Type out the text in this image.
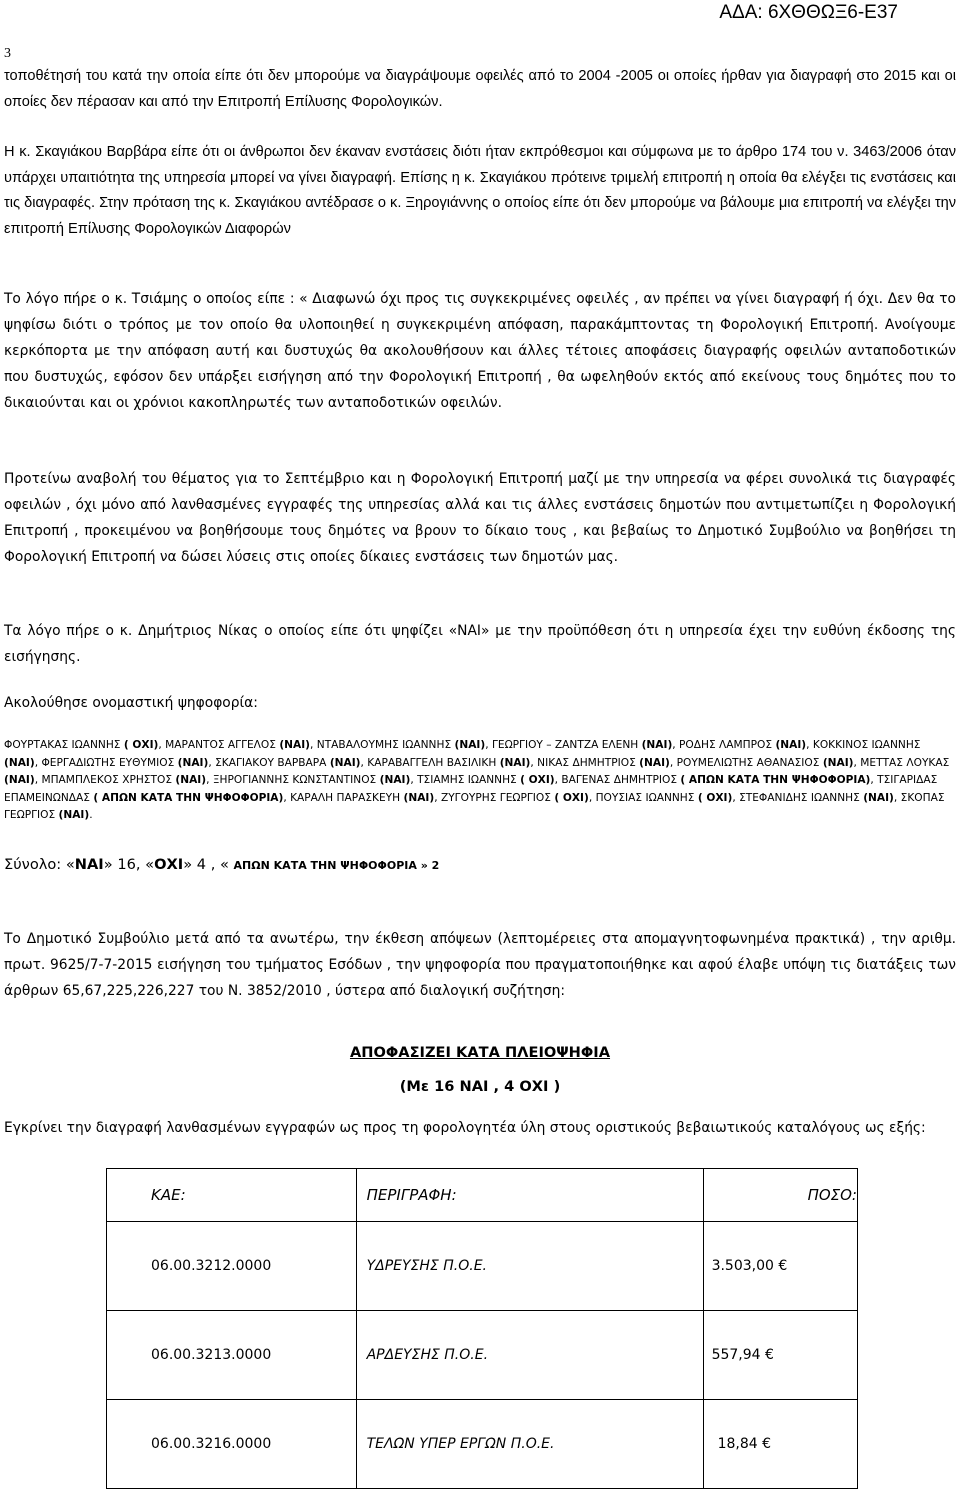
ΑΔΑ: 6ΧΘΘΩΞ6-Ε37
3

τοποθέτησή του κατά την οποία είπε ότι δεν μπορούμε να διαγράψουμε οφειλές από το 2004 -2005 οι οποίες ήρθαν για διαγραφή στο 2015 και οι οποίες δεν πέρασαν και από την Επιτροπή Επίλυσης Φορολογικών.

Η κ. Σκαγιάκου Βαρβάρα είπε ότι οι άνθρωποι δεν έκαναν ενστάσεις διότι ήταν εκπρόθεσμοι και σύμφωνα με το άρθρο 174 του ν. 3463/2006 όταν υπάρχει υπαιτιότητα της υπηρεσία μπορεί να γίνει διαγραφή. Επίσης η κ. Σκαγιάκου πρότεινε τριμελή επιτροπή η οποία θα ελέγξει τις ενστάσεις και τις διαγραφές. Στην πρόταση της κ. Σκαγιάκου αντέδρασε ο κ. Ξηρογιάννης ο οποίος είπε ότι δεν μπορούμε να βάλουμε μια επιτροπή να ελέγξει την επιτροπή Επίλυσης Φορολογικών Διαφορών

Το λόγο πήρε ο κ. Τσιάμης ο οποίος είπε : « Διαφωνώ όχι προς τις συγκεκριμένες οφειλές , αν πρέπει να γίνει διαγραφή ή όχι. Δεν θα το ψηφίσω διότι ο τρόπος με τον οποίο θα υλοποιηθεί η συγκεκριμένη απόφαση, παρακάμπτοντας τη Φορολογική Επιτροπή. Ανοίγουμε κερκόπορτα με την απόφαση αυτή και δυστυχώς θα ακολουθήσουν και άλλες τέτοιες αποφάσεις διαγραφής οφειλών ανταποδοτικών που δυστυχώς, εφόσον δεν υπάρξει εισήγηση από την Φορολογική Επιτροπή , θα ωφεληθούν εκτός από εκείνους τους δημότες που το δικαιούνται και οι χρόνιοι κακοπληρωτές των ανταποδοτικών οφειλών.

Προτείνω αναβολή του θέματος για το Σεπτέμβριο και η Φορολογική Επιτροπή μαζί με την υπηρεσία να φέρει συνολικά τις διαγραφές οφειλών , όχι μόνο από λανθασμένες εγγραφές της υπηρεσίας αλλά και τις άλλες ενστάσεις δημοτών που αντιμετωπίζει η Φορολογική Επιτροπή , προκειμένου να βοηθήσουμε τους δημότες να βρουν το δίκαιο τους , και βεβαίως το Δημοτικό Συμβούλιο να βοηθήσει τη Φορολογική Επιτροπή να δώσει λύσεις στις οποίες δίκαιες ενστάσεις των δημοτών μας.

Τα λόγο πήρε ο κ. Δημήτριος Νίκας ο οποίος είπε ότι ψηφίζει «ΝΑΙ» με την προϋπόθεση ότι η υπηρεσία έχει την ευθύνη έκδοσης της εισήγησης.

Ακολούθησε ονομαστική ψηφοφορία:

ΦΟΥΡΤΑΚΑΣ ΙΩΑΝΝΗΣ ( ΟΧΙ), ΜΑΡΑΝΤΟΣ ΑΓΓΕΛΟΣ (ΝΑΙ), ΝΤΑΒΑΛΟΥΜΗΣ ΙΩΑΝΝΗΣ (ΝΑΙ), ΓΕΩΡΓΙΟΥ – ΖΑΝΤΖΑ ΕΛΕΝΗ (ΝΑΙ), ΡΟΔΗΣ ΛΑΜΠΡΟΣ (ΝΑΙ), ΚΟΚΚΙΝΟΣ ΙΩΑΝΝΗΣ (ΝΑΙ), ΦΕΡΓΑΔΙΩΤΗΣ ΕΥΘΥΜΙΟΣ (ΝΑΙ), ΣΚΑΓΙΑΚΟΥ ΒΑΡΒΑΡΑ (ΝΑΙ), ΚΑΡΑΒΑΓΓΕΛΗ ΒΑΣΙΛΙΚΗ (ΝΑΙ), ΝΙΚΑΣ ΔΗΜΗΤΡΙΟΣ (ΝΑΙ), ΡΟΥΜΕΛΙΩΤΗΣ ΑΘΑΝΑΣΙΟΣ (ΝΑΙ), ΜΕΤΤΑΣ ΛΟΥΚΑΣ (ΝΑΙ), ΜΠΑΜΠΛΕΚΟΣ ΧΡΗΣΤΟΣ (ΝΑΙ), ΞΗΡΟΓΙΑΝΝΗΣ ΚΩΝΣΤΑΝΤΙΝΟΣ (ΝΑΙ), ΤΣΙΑΜΗΣ ΙΩΑΝΝΗΣ ( ΟΧΙ), ΒΑΓΕΝΑΣ ΔΗΜΗΤΡΙΟΣ ( ΑΠΩΝ ΚΑΤΑ ΤΗΝ ΨΗΦΟΦΟΡΙΑ), ΤΣΙΓΑΡΙΔΑΣ ΕΠΑΜΕΙΝΩΝΔΑΣ ( ΑΠΩΝ ΚΑΤΑ ΤΗΝ ΨΗΦΟΦΟΡΙΑ), ΚΑΡΑΛΗ ΠΑΡΑΣΚΕΥΗ (ΝΑΙ), ΖΥΓΟΥΡΗΣ ΓΕΩΡΓΙΟΣ ( ΟΧΙ), ΠΟΥΣΙΑΣ ΙΩΑΝΝΗΣ ( ΟΧΙ), ΣΤΕΦΑΝΙΔΗΣ ΙΩΑΝΝΗΣ (ΝΑΙ), ΣΚΟΠΑΣ ΓΕΩΡΓΙΟΣ (ΝΑΙ).

Σύνολο: «ΝΑΙ» 16, «ΟΧΙ» 4 , « ΑΠΩΝ ΚΑΤΑ ΤΗΝ ΨΗΦΟΦΟΡΙΑ » 2

Το Δημοτικό Συμβούλιο μετά από τα ανωτέρω, την έκθεση απόψεων (λεπτομέρειες στα απομαγνητοφωνημένα πρακτικά) , την αριθμ. πρωτ. 9625/7-7-2015 εισήγηση του τμήματος Εσόδων , την ψηφοφορία που πραγματοποιήθηκε και αφού έλαβε υπόψη τις διατάξεις των άρθρων 65,67,225,226,227 του Ν. 3852/2010 , ύστερα από διαλογική συζήτηση:

ΑΠΟΦΑΣΙΖΕΙ ΚΑΤΑ ΠΛΕΙΟΨΗΦΙΑ
(Με 16 ΝΑΙ , 4 ΟΧΙ )

Εγκρίνει την διαγραφή λανθασμένων εγγραφών ως προς τη φορολογητέα ύλη στους οριστικούς βεβαιωτικούς καταλόγους ως εξής:

ΚΑΕ:	ΠΕΡΙΓΡΑΦΗ:	ΠΟΣΟ:
06.00.3212.0000	ΥΔΡΕΥΣΗΣ Π.Ο.Ε.	3.503,00 €
06.00.3213.0000	ΑΡΔΕΥΣΗΣ Π.Ο.Ε.	557,94 €
06.00.3216.0000	ΤΕΛΩΝ ΥΠΕΡ ΕΡΓΩΝ Π.Ο.Ε.	18,84 €
